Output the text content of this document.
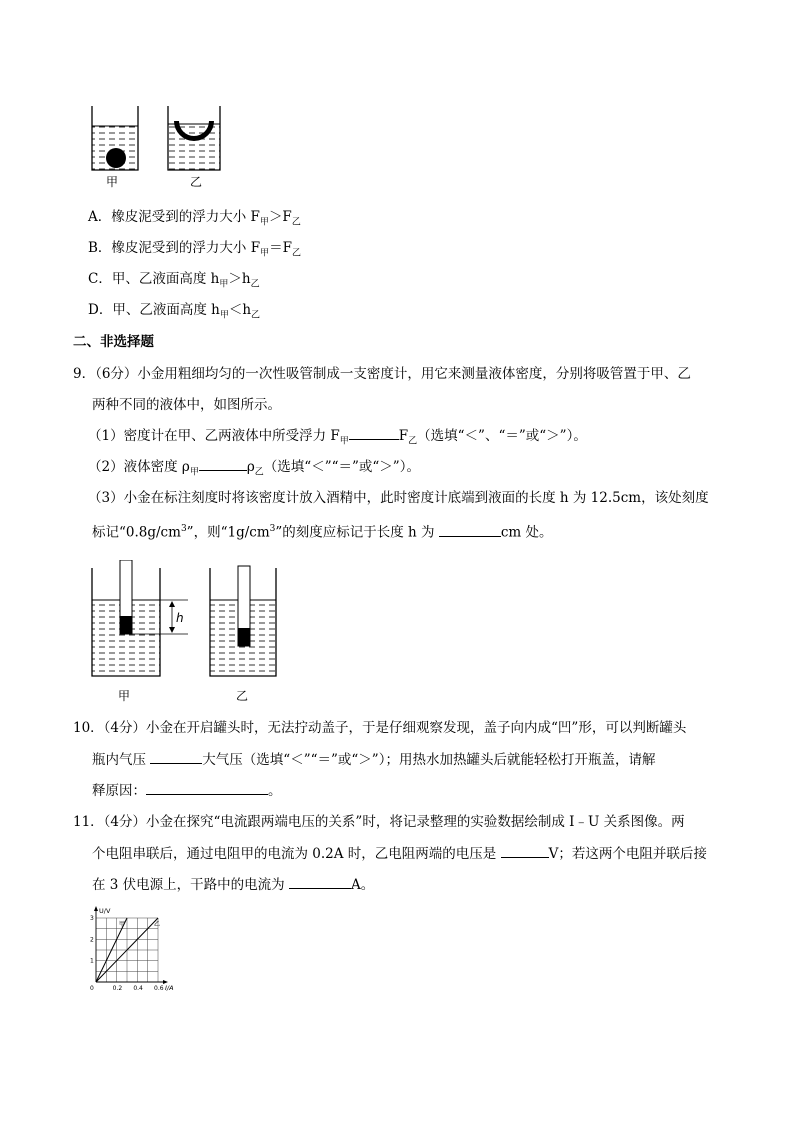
甲	乙
A．橡皮泥受到的浮力大小 $F_甲>F_乙$
B．橡皮泥受到的浮力大小 $F_甲=F_乙$
C．甲、乙液面高度 $h_甲>h_乙$
D．甲、乙液面高度 $h_甲<h_乙$
二、非选择题
9．（6分）小金用粗细均匀的一次性吸管制成一支密度计，用它来测量液体密度，分别将吸管置于甲、乙
两种不同的液体中，如图所示。
（1）密度计在甲、乙两液体中所受浮力 $F_甲$	$F_乙$（选填“＜”、“＝”或“＞”）。
（2）液体密度 $\rho_甲$	$\rho_乙$（选填“＜”“＝”或“＞”）。
（3）小金在标注刻度时将该密度计放入酒精中，此时密度计底端到液面的长度 h 为 12.5cm，该处刻度
标记“$0.8g/cm^3$”，则“$1g/cm^3$”的刻度应标记于长度 h 为	cm 处。
h
甲	乙
10．（4分）小金在开启罐头时，无法拧动盖子，于是仔细观察发现，盖子向内成“凹”形，可以判断罐头
瓶内气压	大气压（选填“＜”“＝”或“＞”）；用热水加热罐头后就能轻松打开瓶盖，请解
释原因：	。
11．（4分）小金在探究“电流跟两端电压的关系”时，将记录整理的实验数据绘制成 I﹣U 关系图像。两
个电阻串联后，通过电阻甲的电流为 0.2A 时，乙电阻两端的电压是	V；若这两个电阻并联后接
在 3 伏电源上，干路中的电流为	A。
甲	乙
0	0.2 0.4 0.6
1
2
3
U/V
I/A
